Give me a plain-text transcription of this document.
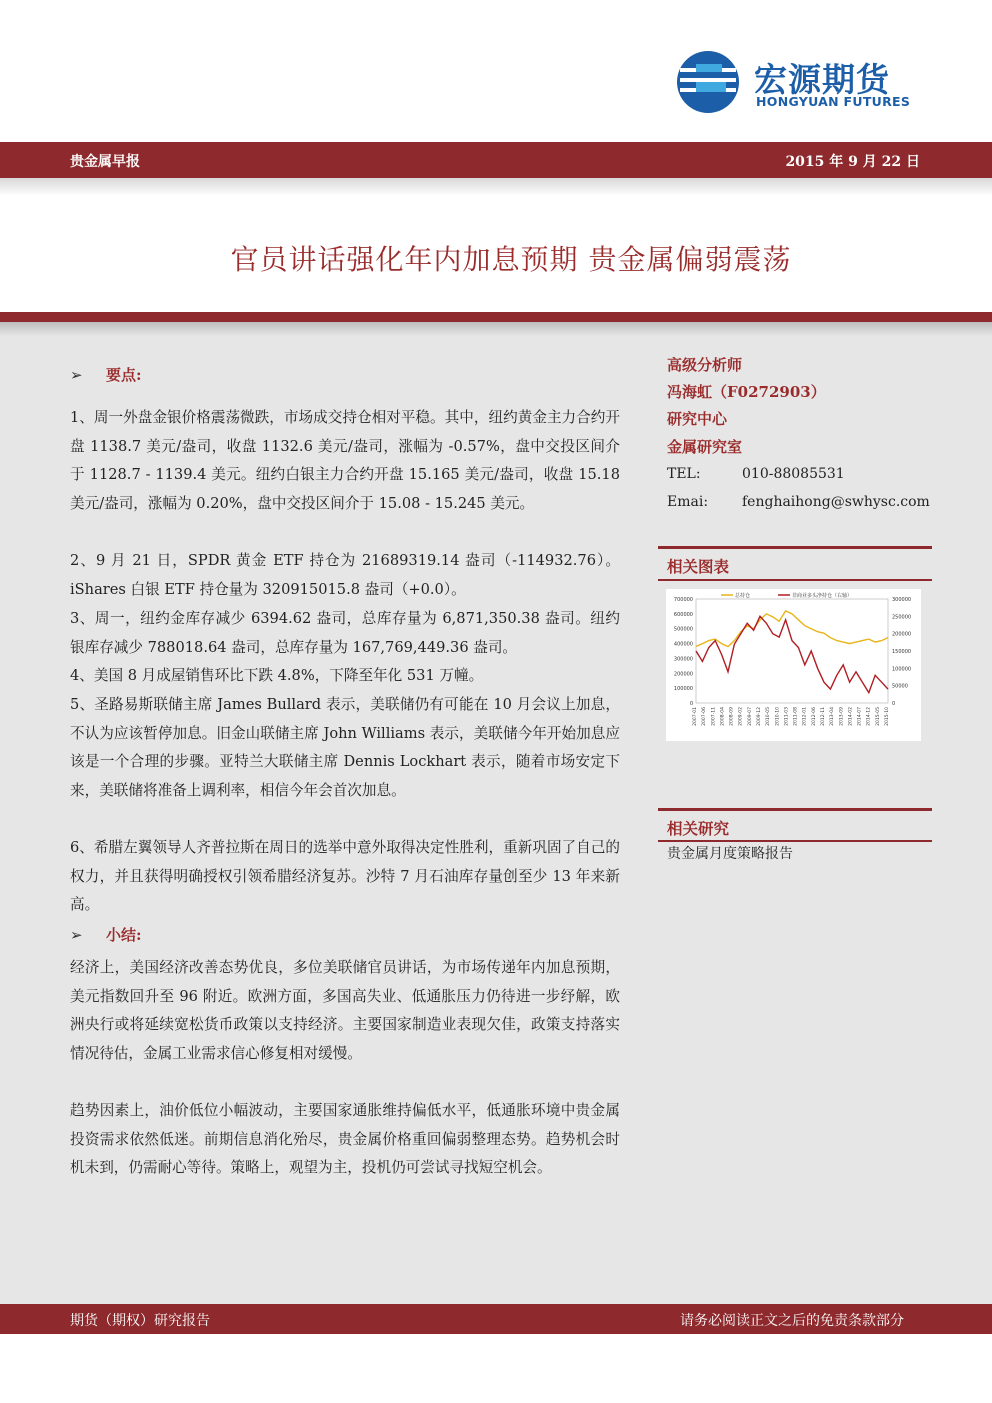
宏源期货
HONGYUAN FUTURES
贵金属早报	2015 年 9 月 22 日
官员讲话强化年内加息预期 贵金属偏弱震荡
➢ 要点:
1、周一外盘金银价格震荡微跌，市场成交持仓相对平稳。其中，纽约黄金主力合约开盘 1138.7 美元/盎司，收盘 1132.6 美元/盎司，涨幅为 -0.57%，盘中交投区间介于 1128.7 - 1139.4 美元。纽约白银主力合约开盘 15.165 美元/盎司，收盘 15.18 美元/盎司，涨幅为 0.20%，盘中交投区间介于 15.08 - 15.245 美元。
2、9 月 21 日，SPDR 黄金 ETF 持仓为 21689319.14 盎司（-114932.76）。iShares 白银 ETF 持仓量为 320915015.8 盎司（+0.0）。
3、周一，纽约金库存减少 6394.62 盎司，总库存量为 6,871,350.38 盎司。纽约银库存减少 788018.64 盎司，总库存量为 167,769,449.36 盎司。
4、美国 8 月成屋销售环比下跌 4.8%，下降至年化 531 万幢。
5、圣路易斯联储主席 James Bullard 表示，美联储仍有可能在 10 月会议上加息，不认为应该暂停加息。旧金山联储主席 John Williams 表示，美联储今年开始加息应该是一个合理的步骤。亚特兰大联储主席 Dennis Lockhart 表示，随着市场安定下来，美联储将准备上调利率，相信今年会首次加息。
6、希腊左翼领导人齐普拉斯在周日的选举中意外取得决定性胜利，重新巩固了自己的权力，并且获得明确授权引领希腊经济复苏。沙特 7 月石油库存量创至少 13 年来新高。
➢ 小结:
经济上，美国经济改善态势优良，多位美联储官员讲话，为市场传递年内加息预期，美元指数回升至 96 附近。欧洲方面，多国高失业、低通胀压力仍待进一步纾解，欧洲央行或将延续宽松货币政策以支持经济。主要国家制造业表现欠佳，政策支持落实情况待估，金属工业需求信心修复相对缓慢。
趋势因素上，油价低位小幅波动，主要国家通胀维持偏低水平，低通胀环境中贵金属投资需求依然低迷。前期信息消化殆尽，贵金属价格重回偏弱整理态势。趋势机会时机未到，仍需耐心等待。策略上，观望为主，投机仍可尝试寻找短空机会。
高级分析师
冯海虹（F0272903）
研究中心
金属研究室
TEL:	010-88085531
Emai: fenghaihong@swhysc.com
相关图表
700000
600000
500000
400000
300000
200000
100000
0
300000
250000
200000
150000
100000
50000
0
2007-01 2007-06 2007-11 2008-04 2008-09 2009-02 2009-07 2009-12 2010-05 2010-10 2011-03 2011-08 2012-01 2012-06 2012-11 2013-04 2013-09 2014-02 2014-07 2014-12 2015-05 2015-10
总持仓	非商业多头净持仓（右轴）
相关研究
贵金属月度策略报告
期货（期权）研究报告	请务必阅读正文之后的免责条款部分
